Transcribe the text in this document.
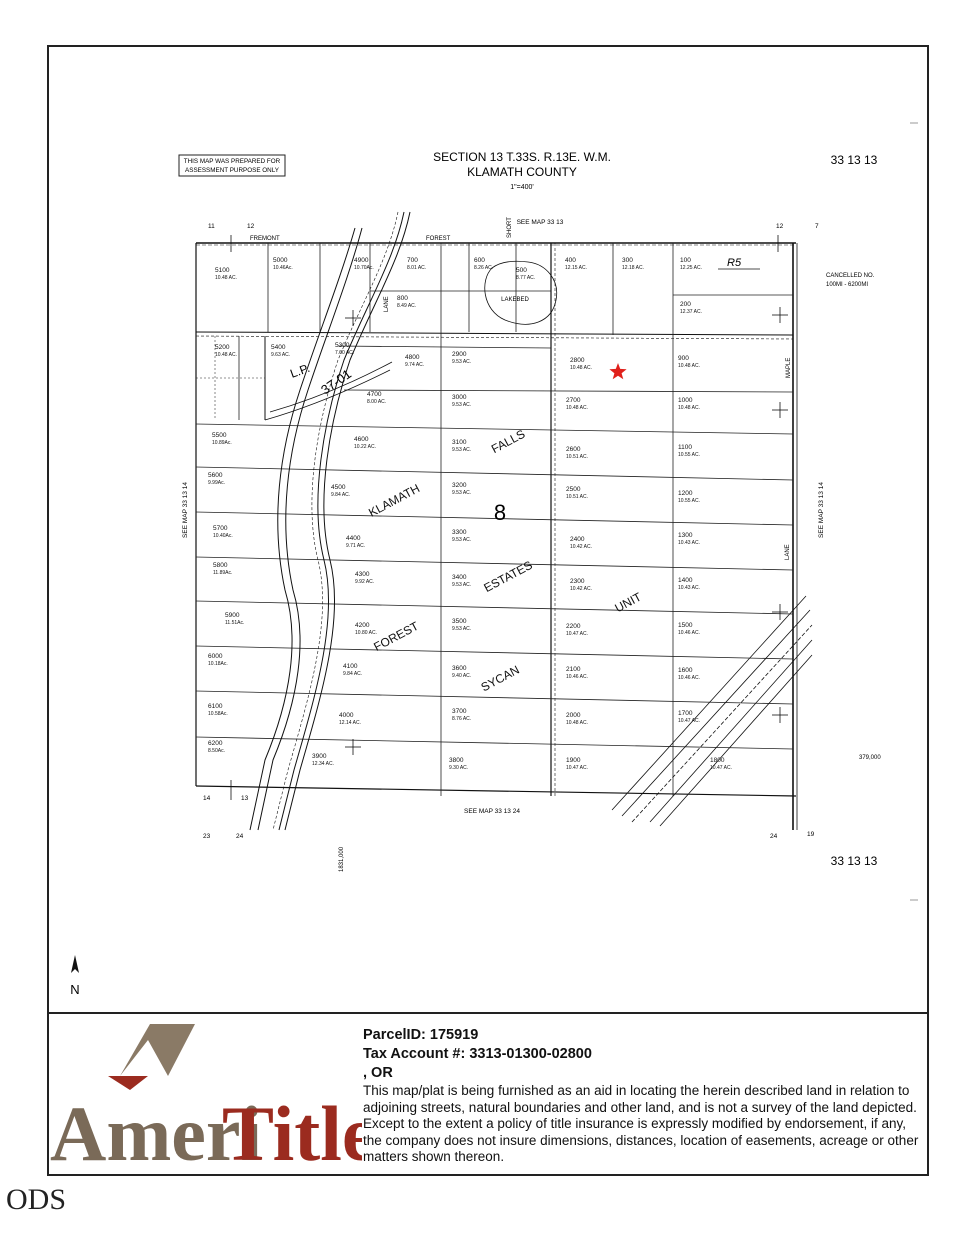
THIS MAP WAS PREPARED FOR
ASSESSMENT PURPOSE ONLY
SECTION 13 T.33S. R.13E. W.M.
KLAMATH COUNTY
1"=400'
33 13 13
33 13 13
SEE MAP 33 13
SEE MAP 33 13 24
SEE MAP 33 13 14	SEE MAP 33 13 14
CANCELLED NO.
100MI - 6200MI
379,000
1831,000
11	12	12	7
14	13
23	24	24	19
LAKEBED
R5
KLAMATH
FALLS
FOREST
ESTATES
SYCAN
UNIT
8
L.P. 37-01
FREMONT	FOREST
SHORT
LANE
MAPLE
LANE
5100
10.48 AC.
5000
10.46Ac.
4900
10.70Ac.
700
8.01 AC.
800
8.49 AC.
600
8.26 AC.	500
8.77 AC.
400
12.15 AC.
300
12.18 AC.
100
12.25 AC.
200
12.37 AC.
5200
10.48 AC.
5400
9.63 AC.
5300
7.60 AC.
4800
9.74 AC.
2900
9.53 AC.	2800
10.48 AC.
900
10.48 AC.
4700
8.00 AC.
3000
9.53 AC.
2700
10.48 AC.
1000
10.48 AC.
5500
10.89Ac.	4600
10.22 AC.
3100
9.53 AC.	2600
10.51 AC.
1100
10.55 AC.
5600
9.99Ac.
4500
9.84 AC.
3200
9.53 AC.	2500
10.51 AC.	1200
10.55 AC.
5700
10.40Ac.	4400
9.71 AC.
3300
9.53 AC.	2400
10.42 AC.
1300
10.43 AC.
5800
11.89Ac.	4300
9.92 AC.
3400
9.53 AC.	2300
10.42 AC.
1400
10.43 AC.
5900
11.51Ac.	4200
10.80 AC.
3500
9.53 AC.	2200
10.47 AC.
1500
10.46 AC.
6000
10.18Ac.	4100
9.84 AC.
3600
9.40 AC.
2100
10.46 AC.
1600
10.46 AC.
6100
10.58Ac.	4000
12.14 AC.
3700
8.76 AC.	2000
10.48 AC.
1700
10.47 AC.
6200
8.50Ac.
3900
12.34 AC.	3800
9.30 AC.
1900
10.47 AC.
1800
10.47 AC.
N
Ameri
Title
ParcelID: 175919
Tax Account #: 3313-01300-02800
, OR
This map/plat is being furnished as an aid in locating the herein described land in relation to adjoining streets, natural boundaries and other land, and is not a survey of the land depicted. Except to the extent a policy of title insurance is expressly modified by endorsement, if any, the company does not insure dimensions, distances, location of easements, acreage or other matters shown thereon.
ODS
